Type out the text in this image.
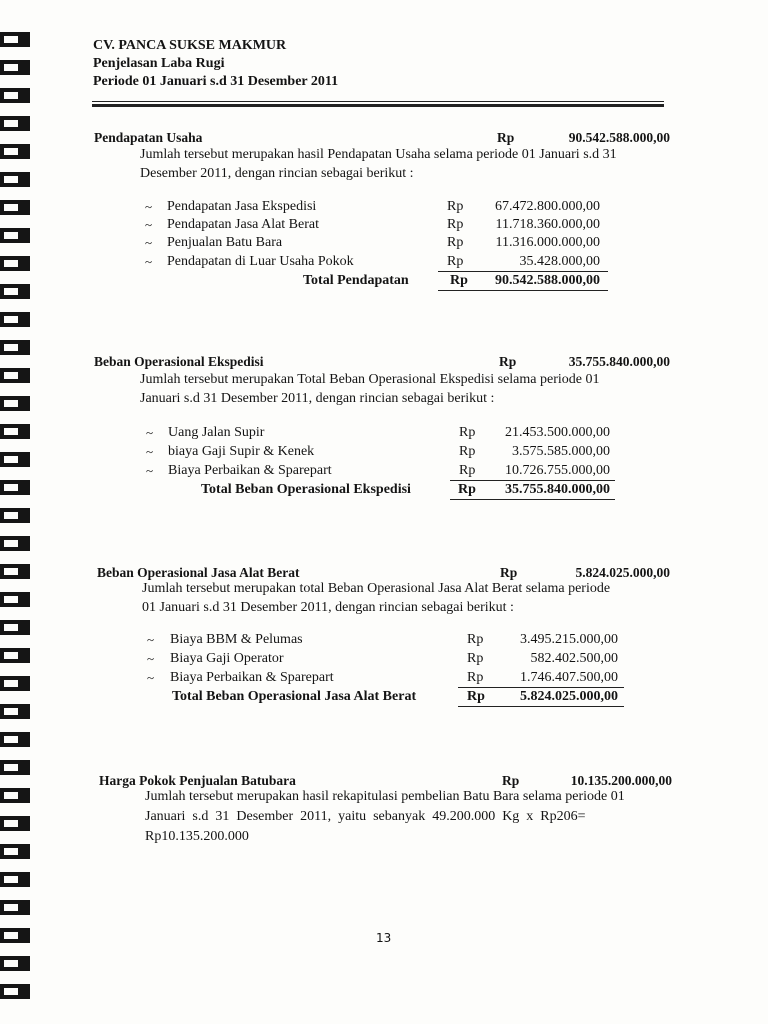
CV. PANCA SUKSE MAKMUR
Penjelasan Laba Rugi
Periode 01 Januari s.d 31 Desember 2011
Pendapatan Usaha	Rp	90.542.588.000,00
Jumlah tersebut merupakan hasil Pendapatan Usaha selama periode 01 Januari s.d 31
Desember 2011, dengan rincian sebagai berikut :
~ Pendapatan Jasa Ekspedisi	Rp	67.472.800.000,00
~ Pendapatan Jasa Alat Berat	Rp	11.718.360.000,00
~ Penjualan Batu Bara	Rp	11.316.000.000,00
~ Pendapatan di Luar Usaha Pokok	Rp	35.428.000,00
Total Pendapatan	Rp	90.542.588.000,00
Beban Operasional Ekspedisi	Rp	35.755.840.000,00
Jumlah tersebut merupakan Total Beban Operasional Ekspedisi selama periode 01
Januari s.d 31 Desember 2011, dengan rincian sebagai berikut :
~ Uang Jalan Supir	Rp	21.453.500.000,00
~ biaya Gaji Supir & Kenek	Rp	3.575.585.000,00
~ Biaya Perbaikan & Sparepart	Rp	10.726.755.000,00
Total Beban Operasional Ekspedisi	Rp	35.755.840.000,00
Beban Operasional Jasa Alat Berat	Rp	5.824.025.000,00
Jumlah tersebut merupakan total Beban Operasional Jasa Alat Berat selama periode
01 Januari s.d 31 Desember 2011, dengan rincian sebagai berikut :
~ Biaya BBM & Pelumas	Rp	3.495.215.000,00
~ Biaya Gaji Operator	Rp	582.402.500,00
~ Biaya Perbaikan & Sparepart	Rp	1.746.407.500,00
Total Beban Operasional Jasa Alat Berat	Rp	5.824.025.000,00
Harga Pokok Penjualan Batubara	Rp	10.135.200.000,00
Jumlah tersebut merupakan hasil rekapitulasi pembelian Batu Bara selama periode 01
Januari  s.d  31  Desember  2011,  yaitu  sebanyak  49.200.000  Kg  x  Rp206=
Rp10.135.200.000
13
